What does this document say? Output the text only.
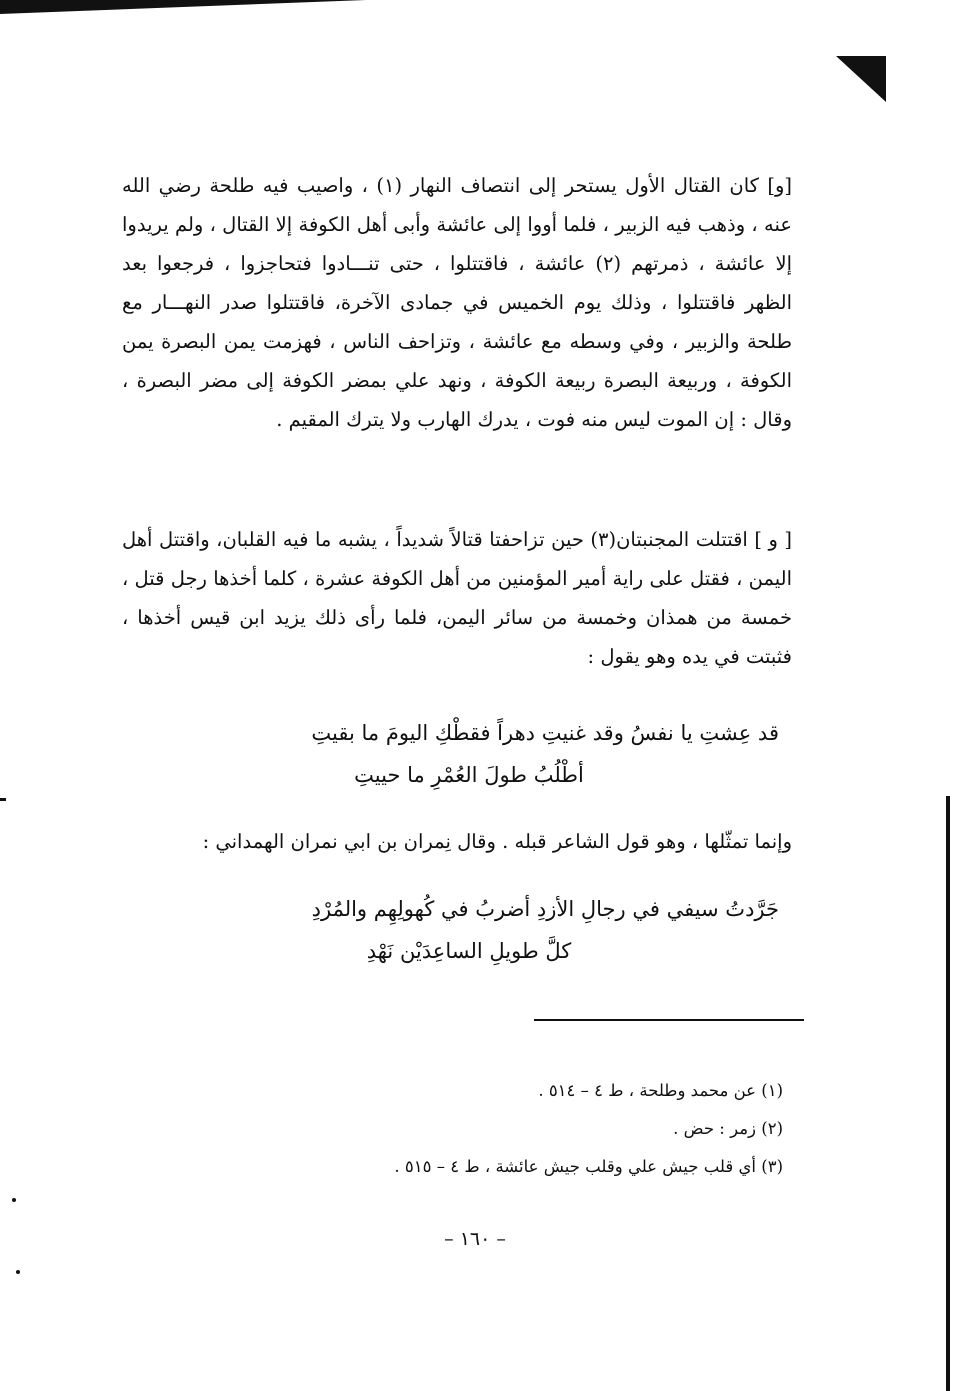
[و] كان القتال الأول يستحر إلى انتصاف النهار (١) ، واصيب فيه طلحة رضي الله عنه ، وذهب فيه الزبير ، فلما أووا إلى عائشة وأبى أهل الكوفة إلا القتال ، ولم يريدوا إلا عائشة ، ذمرتهم (٢) عائشة ، فاقتتلوا ، حتى تنـــادوا فتحاجزوا ، فرجعوا بعد الظهر فاقتتلوا ، وذلك يوم الخميس في جمادى الآخرة، فاقتتلوا صدر النهـــار مع طلحة والزبير ، وفي وسطه مع عائشة ، وتزاحف الناس ، فهزمت يمن البصرة يمن الكوفة ، وربيعة البصرة ربيعة الكوفة ، ونهد علي بمضر الكوفة إلى مضر البصرة ، وقال : إن الموت ليس منه فوت ، يدرك الهارب ولا يترك المقيم .

[ و ] اقتتلت المجنبتان(٣) حين تزاحفتا قتالاً شديداً ، يشبه ما فيه القلبان، واقتتل أهل اليمن ، فقتل على راية أمير المؤمنين من أهل الكوفة عشرة ، كلما أخذها رجل قتل ، خمسة من همذان وخمسة من سائر اليمن، فلما رأى ذلك يزيد ابن قيس أخذها ، فثبتت في يده وهو يقول :

قد عِشتِ يا نفسُ وقد غنيتِ دهراً فقطْكِ اليومَ ما بقيتِ
أطْلُبُ طولَ العُمْرِ ما حييتِ

وإنما تمثّلها ، وهو قول الشاعر قبله . وقال نِمران بن ابي نمران الهمداني :

جَرَّدتُ سيفي في رجالِ الأزدِ أضربُ في كُهولِهِم والمُرْدِ
كلَّ طويلِ الساعِدَيْن نَهْدِ
(١) عن محمد وطلحة ، ط ٤ – ٥١٤ .
(٢) زمر : حض .
(٣) أي قلب جيش علي وقلب جيش عائشة ، ط ٤ – ٥١٥ .
– ١٦٠ –
